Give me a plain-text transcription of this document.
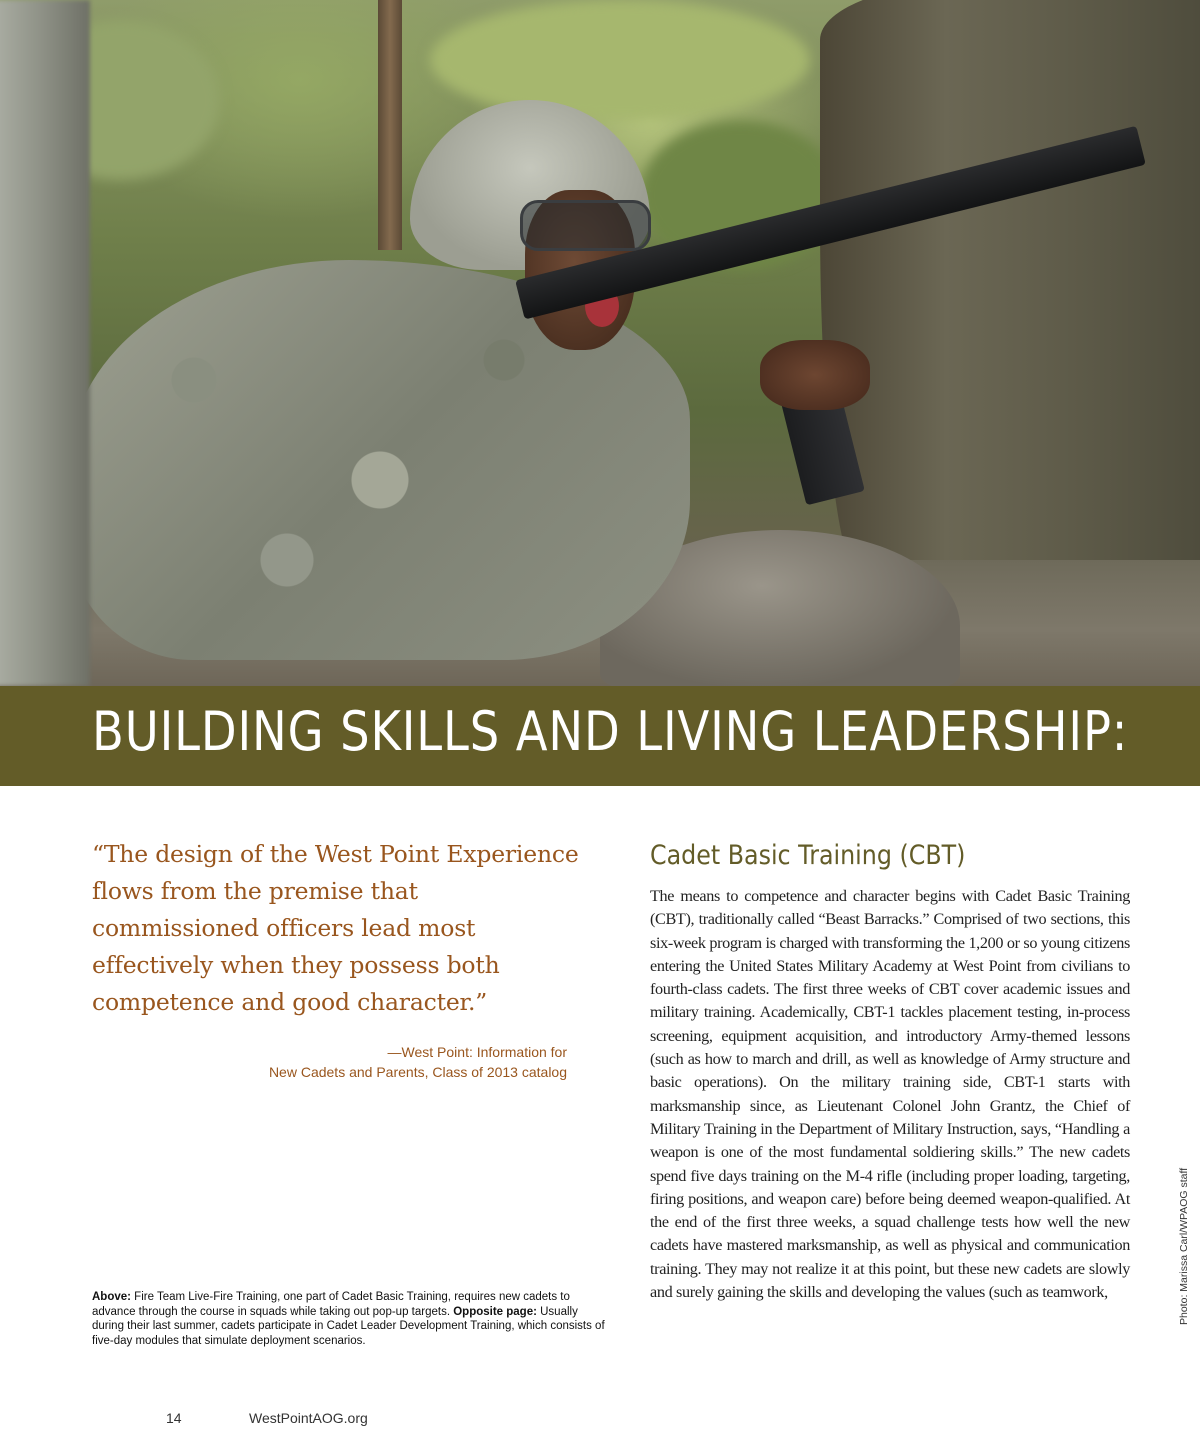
BUILDING SKILLS AND LIVING LEADERSHIP:

“The design of the West Point Experience flows from the premise that commissioned officers lead most effectively when they possess both competence and good character.”

—West Point: Information for
New Cadets and Parents, Class of 2013 catalog
Above: Fire Team Live-Fire Training, one part of Cadet Basic Training, requires new cadets to advance through the course in squads while taking out pop-up targets. Opposite page: Usually during their last summer, cadets participate in Cadet Leader Development Training, which consists of five-day modules that simulate deployment scenarios.
Cadet Basic Training (CBT)

The means to competence and character begins with Cadet Basic Training (CBT), traditionally called “Beast Barracks.” Comprised of two sections, this six-week program is charged with transforming the 1,200 or so young citizens entering the United States Military Academy at West Point from civilians to fourth-class cadets. The first three weeks of CBT cover academic issues and military training. Academically, CBT-1 tackles placement testing, in-process screening, equipment acquisition, and introductory Army-themed lessons (such as how to march and drill, as well as knowledge of Army structure and basic operations). On the military training side, CBT-1 starts with marksmanship since, as Lieutenant Colonel John Grantz, the Chief of Military Training in the Department of Military Instruction, says, “Handling a weapon is one of the most fundamental soldiering skills.” The new cadets spend five days training on the M-4 rifle (including proper loading, targeting, firing positions, and weapon care) before being deemed weapon-qualified. At the end of the first three weeks, a squad challenge tests how well the new cadets have mastered marksmanship, as well as physical and communication training. They may not realize it at this point, but these new cadets are slowly and surely gaining the skills and developing the values (such as teamwork,

14	WestPointAOG.org
Photo: Marissa Carl/WPAOG staff
